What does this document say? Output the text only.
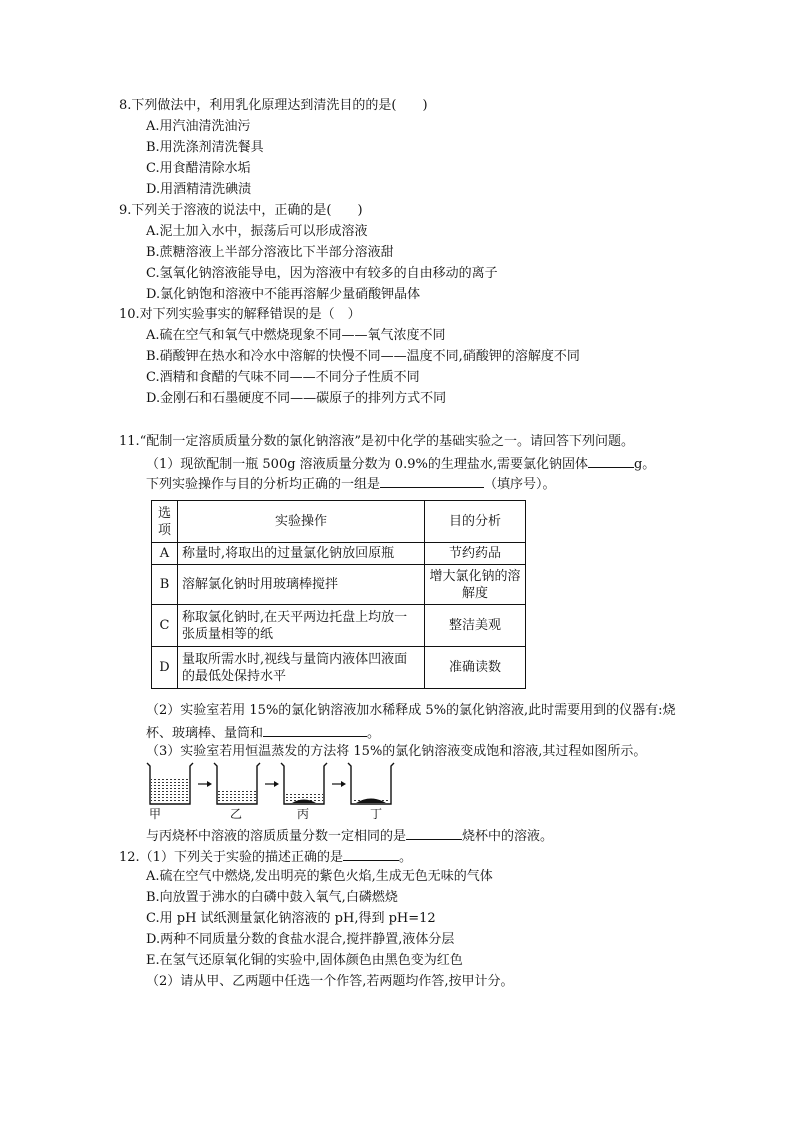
8.下列做法中，利用乳化原理达到清洗目的的是(　　)
A.用汽油清洗油污
B.用洗涤剂清洗餐具
C.用食醋清除水垢
D.用酒精清洗碘渍
9.下列关于溶液的说法中，正确的是(　　)
A.泥土加入水中，振荡后可以形成溶液
B.蔗糖溶液上半部分溶液比下半部分溶液甜
C.氢氧化钠溶液能导电，因为溶液中有较多的自由移动的离子
D.氯化钠饱和溶液中不能再溶解少量硝酸钾晶体
10.对下列实验事实的解释错误的是（　）
A.硫在空气和氧气中燃烧现象不同——氧气浓度不同
B.硝酸钾在热水和冷水中溶解的快慢不同——温度不同,硝酸钾的溶解度不同
C.酒精和食醋的气味不同——不同分子性质不同
D.金刚石和石墨硬度不同——碳原子的排列方式不同
11.“配制一定溶质质量分数的氯化钠溶液”是初中化学的基础实验之一。请回答下列问题。
（1）现欲配制一瓶 500g 溶液质量分数为 0.9%的生理盐水,需要氯化钠固体	g。
下列实验操作与目的分析均正确的一组是	（填序号）。
选项	实验操作	目的分析
A	称量时,将取出的过量氯化钠放回原瓶	节约药品
B	溶解氯化钠时用玻璃棒搅拌	增大氯化钠的溶解度
C	称取氯化钠时,在天平两边托盘上均放一张质量相等的纸	整洁美观
D	量取所需水时,视线与量筒内液体凹液面的最低处保持水平	准确读数
（2）实验室若用 15%的氯化钠溶液加水稀释成 5%的氯化钠溶液,此时需要用到的仪器有:烧
杯、玻璃棒、量筒和	。
（3）实验室若用恒温蒸发的方法将 15%的氯化钠溶液变成饱和溶液,其过程如图所示。
甲	乙	丙	丁
与丙烧杯中溶液的溶质质量分数一定相同的是	烧杯中的溶液。
12.（1）下列关于实验的描述正确的是	。
A.硫在空气中燃烧,发出明亮的紫色火焰,生成无色无味的气体
B.向放置于沸水的白磷中鼓入氧气,白磷燃烧
C.用 pH 试纸测量氯化钠溶液的 pH,得到 pH=12
D.两种不同质量分数的食盐水混合,搅拌静置,液体分层
E.在氢气还原氧化铜的实验中,固体颜色由黑色变为红色
（2）请从甲、乙两题中任选一个作答,若两题均作答,按甲计分。
